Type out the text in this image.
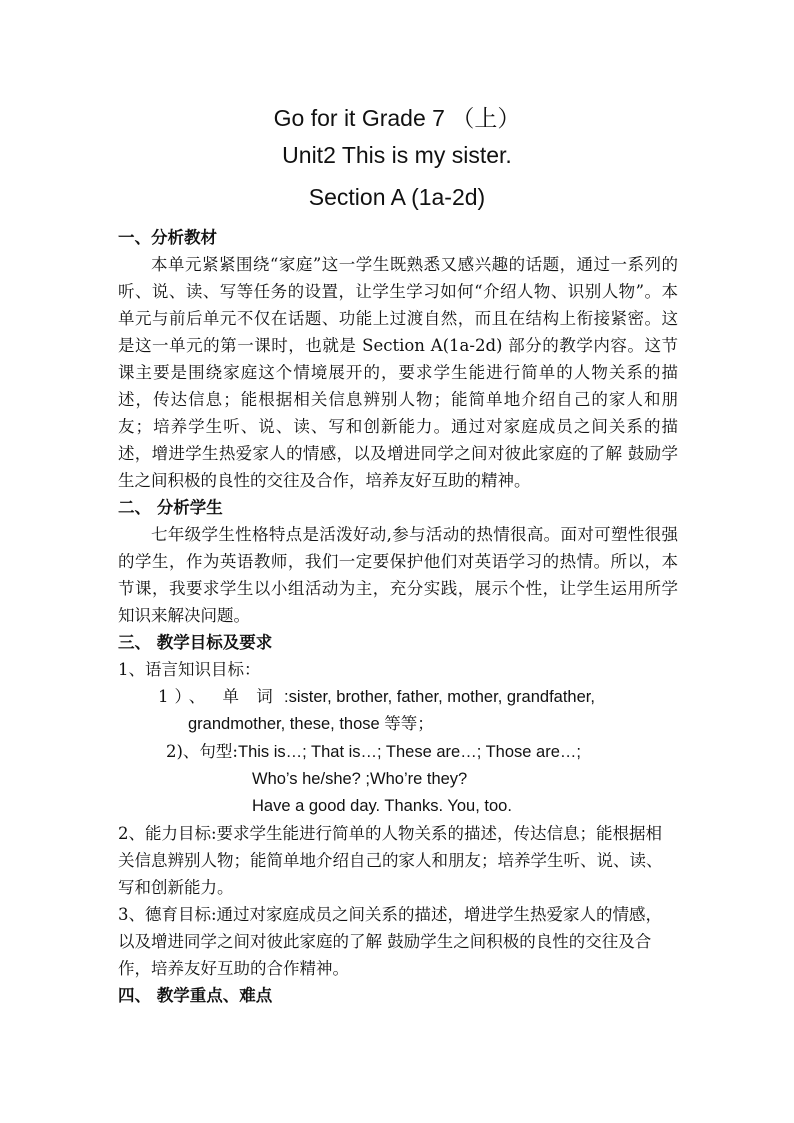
Go for it Grade 7 （上）
Unit2 This is my sister.
Section A (1a-2d)
一、分析教材
本单元紧紧围绕“家庭”这一学生既熟悉又感兴趣的话题，通过一系列的听、说、读、写等任务的设置，让学生学习如何“介绍人物、识别人物”。本单元与前后单元不仅在话题、功能上过渡自然，而且在结构上衔接紧密。这是这一单元的第一课时，也就是 Section A(1a-2d) 部分的教学内容。这节课主要是围绕家庭这个情境展开的，要求学生能进行简单的人物关系的描述，传达信息；能根据相关信息辨别人物；能简单地介绍自己的家人和朋友；培养学生听、说、读、写和创新能力。通过对家庭成员之间关系的描述，增进学生热爱家人的情感，以及增进同学之间对彼此家庭的了解 鼓励学生之间积极的良性的交往及合作，培养友好互助的精神。
二、 分析学生
七年级学生性格特点是活泼好动,参与活动的热情很高。面对可塑性很强的学生，作为英语教师，我们一定要保护他们对英语学习的热情。所以，本节课，我要求学生以小组活动为主，充分实践，展示个性，让学生运用所学知识来解决问题。
三、 教学目标及要求
1、语言知识目标：
1）、 单 词 :sister, brother, father, mother, grandfather,
grandmother, these, those 等等；
2)、句型:This is…; That is…; These are…; Those are…;
Who’s he/she? ;Who’re they?
Have a good day. Thanks. You, too.
2、能力目标:要求学生能进行简单的人物关系的描述，传达信息；能根据相关信息辨别人物；能简单地介绍自己的家人和朋友；培养学生听、说、读、写和创新能力。
3、德育目标:通过对家庭成员之间关系的描述，增进学生热爱家人的情感，以及增进同学之间对彼此家庭的了解 鼓励学生之间积极的良性的交往及合作，培养友好互助的合作精神。
四、 教学重点、难点
